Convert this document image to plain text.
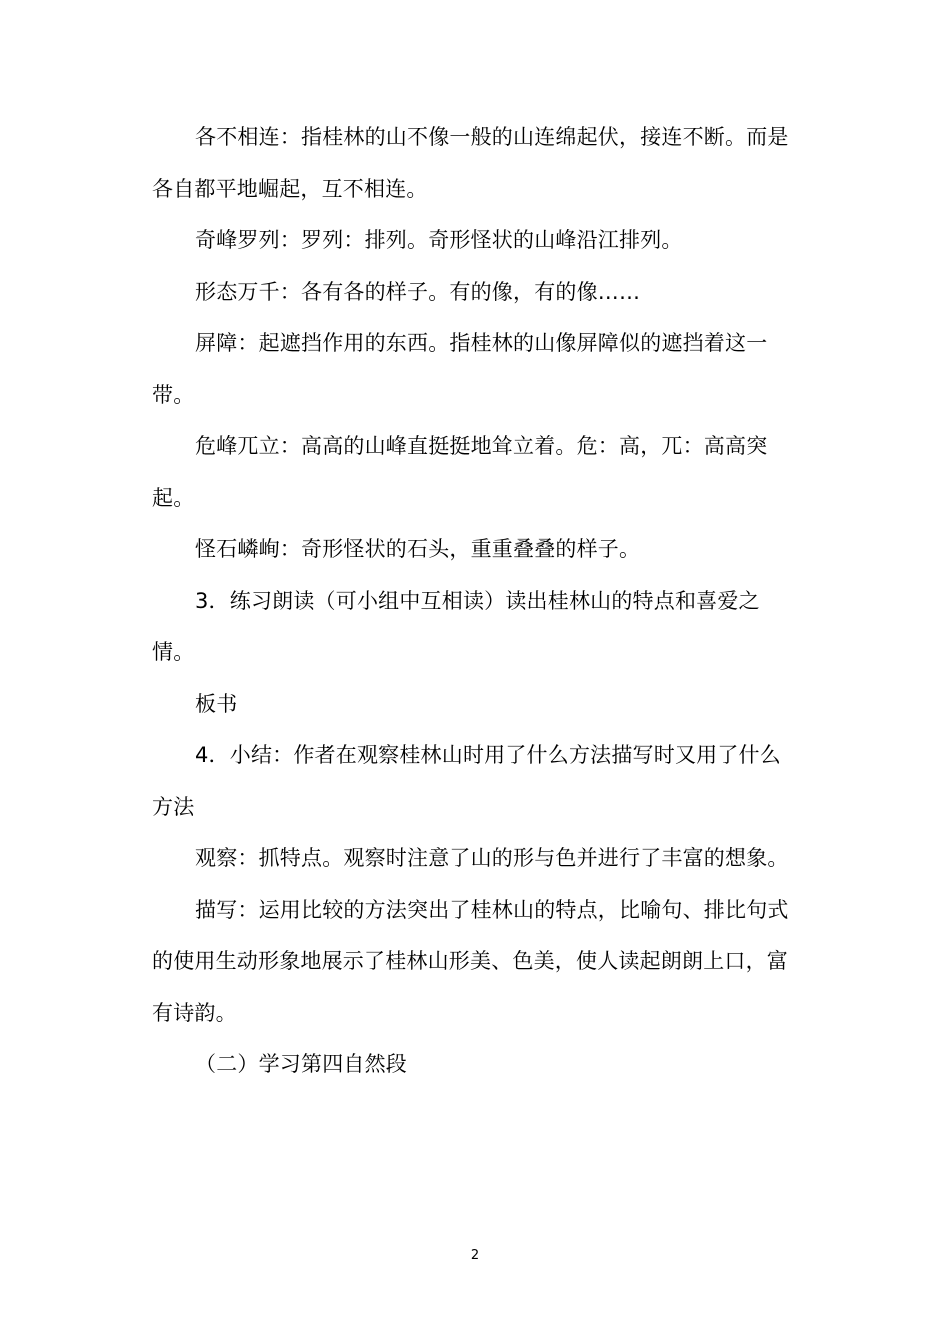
各不相连：指桂林的山不像一般的山连绵起伏，接连不断。而是各自都平地崛起，互不相连。

奇峰罗列：罗列：排列。奇形怪状的山峰沿江排列。

形态万千：各有各的样子。有的像，有的像……

屏障：起遮挡作用的东西。指桂林的山像屏障似的遮挡着这一带。

危峰兀立：高高的山峰直挺挺地耸立着。危：高，兀：高高突起。

怪石嶙峋：奇形怪状的石头，重重叠叠的样子。

3．练习朗读（可小组中互相读）读出桂林山的特点和喜爱之情。

板书

4．小结：作者在观察桂林山时用了什么方法描写时又用了什么方法

观察：抓特点。观察时注意了山的形与色并进行了丰富的想象。

描写：运用比较的方法突出了桂林山的特点，比喻句、排比句式的使用生动形象地展示了桂林山形美、色美，使人读起朗朗上口，富有诗韵。

（二）学习第四自然段

2
